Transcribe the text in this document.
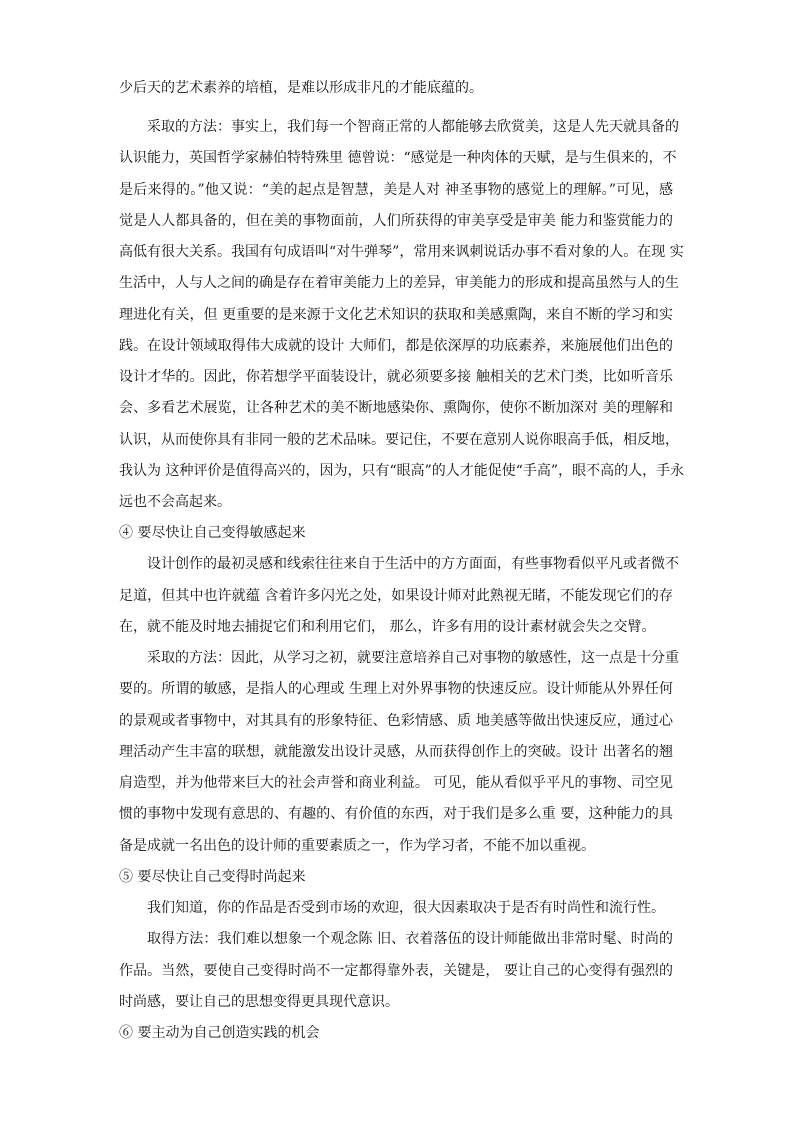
少后天的艺术素养的培植，是难以形成非凡的才能底蕴的。
采取的方法：事实上，我们每一个智商正常的人都能够去欣赏美，这是人先天就具备的
认识能力，英国哲学家赫伯特特殊里 德曾说：“感觉是一种肉体的天赋，是与生俱来的，不
是后来得的。”他又说：“美的起点是智慧，美是人对 神圣事物的感觉上的理解。”可见，感
觉是人人都具备的，但在美的事物面前，人们所获得的审美享受是审美 能力和鉴赏能力的
高低有很大关系。我国有句成语叫“对牛弹琴”，常用来讽刺说话办事不看对象的人。在现 实
生活中，人与人之间的确是存在着审美能力上的差异，审美能力的形成和提高虽然与人的生
理进化有关，但 更重要的是来源于文化艺术知识的获取和美感熏陶，来自不断的学习和实
践。在设计领域取得伟大成就的设计 大师们，都是依深厚的功底素养，来施展他们出色的
设计才华的。因此，你若想学平面装设计，就必须要多接 触相关的艺术门类，比如听音乐
会、多看艺术展览，让各种艺术的美不断地感染你、熏陶你，使你不断加深对 美的理解和
认识，从而使你具有非同一般的艺术品味。要记住，不要在意别人说你眼高手低，相反地，
我认为 这种评价是值得高兴的，因为，只有“眼高”的人才能促使“手高”，眼不高的人，手永
远也不会高起来。
④ 要尽快让自己变得敏感起来
设计创作的最初灵感和线索往往来自于生活中的方方面面，有些事物看似平凡或者微不
足道，但其中也许就蕴 含着许多闪光之处，如果设计师对此熟视无睹，不能发现它们的存
在，就不能及时地去捕捉它们和利用它们， 那么，许多有用的设计素材就会失之交臂。
采取的方法：因此，从学习之初，就要注意培养自己对事物的敏感性，这一点是十分重
要的。所谓的敏感，是指人的心理或 生理上对外界事物的快速反应。设计师能从外界任何
的景观或者事物中，对其具有的形象特征、色彩情感、质 地美感等做出快速反应，通过心
理活动产生丰富的联想，就能激发出设计灵感，从而获得创作上的突破。设计 出著名的翘
肩造型，并为他带来巨大的社会声誉和商业利益。 可见，能从看似乎平凡的事物、司空见
惯的事物中发现有意思的、有趣的、有价值的东西，对于我们是多么重 要，这种能力的具
备是成就一名出色的设计师的重要素质之一，作为学习者，不能不加以重视。
⑤ 要尽快让自己变得时尚起来
我们知道，你的作品是否受到市场的欢迎，很大因素取决于是否有时尚性和流行性。
取得方法：我们难以想象一个观念陈 旧、衣着落伍的设计师能做出非常时髦、时尚的
作品。当然，要使自己变得时尚不一定都得靠外表，关键是， 要让自己的心变得有强烈的
时尚感，要让自己的思想变得更具现代意识。
⑥ 要主动为自己创造实践的机会
